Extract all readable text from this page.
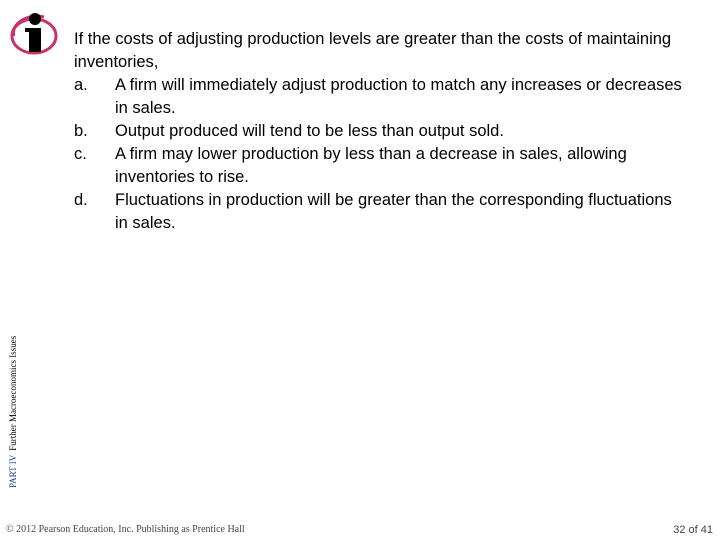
If the costs of adjusting production levels are greater than the costs of maintaining inventories,

a.	A firm will immediately adjust production to match any increases or decreases in sales.
b.	Output produced will tend to be less than output sold.
c.	A firm may lower production by less than a decrease in sales, allowing inventories to rise.
d.	Fluctuations in production will be greater than the corresponding fluctuations in sales.
PART IVFurther Macroeconomics Issues
© 2012 Pearson Education, Inc. Publishing as Prentice Hall	32 of 41
